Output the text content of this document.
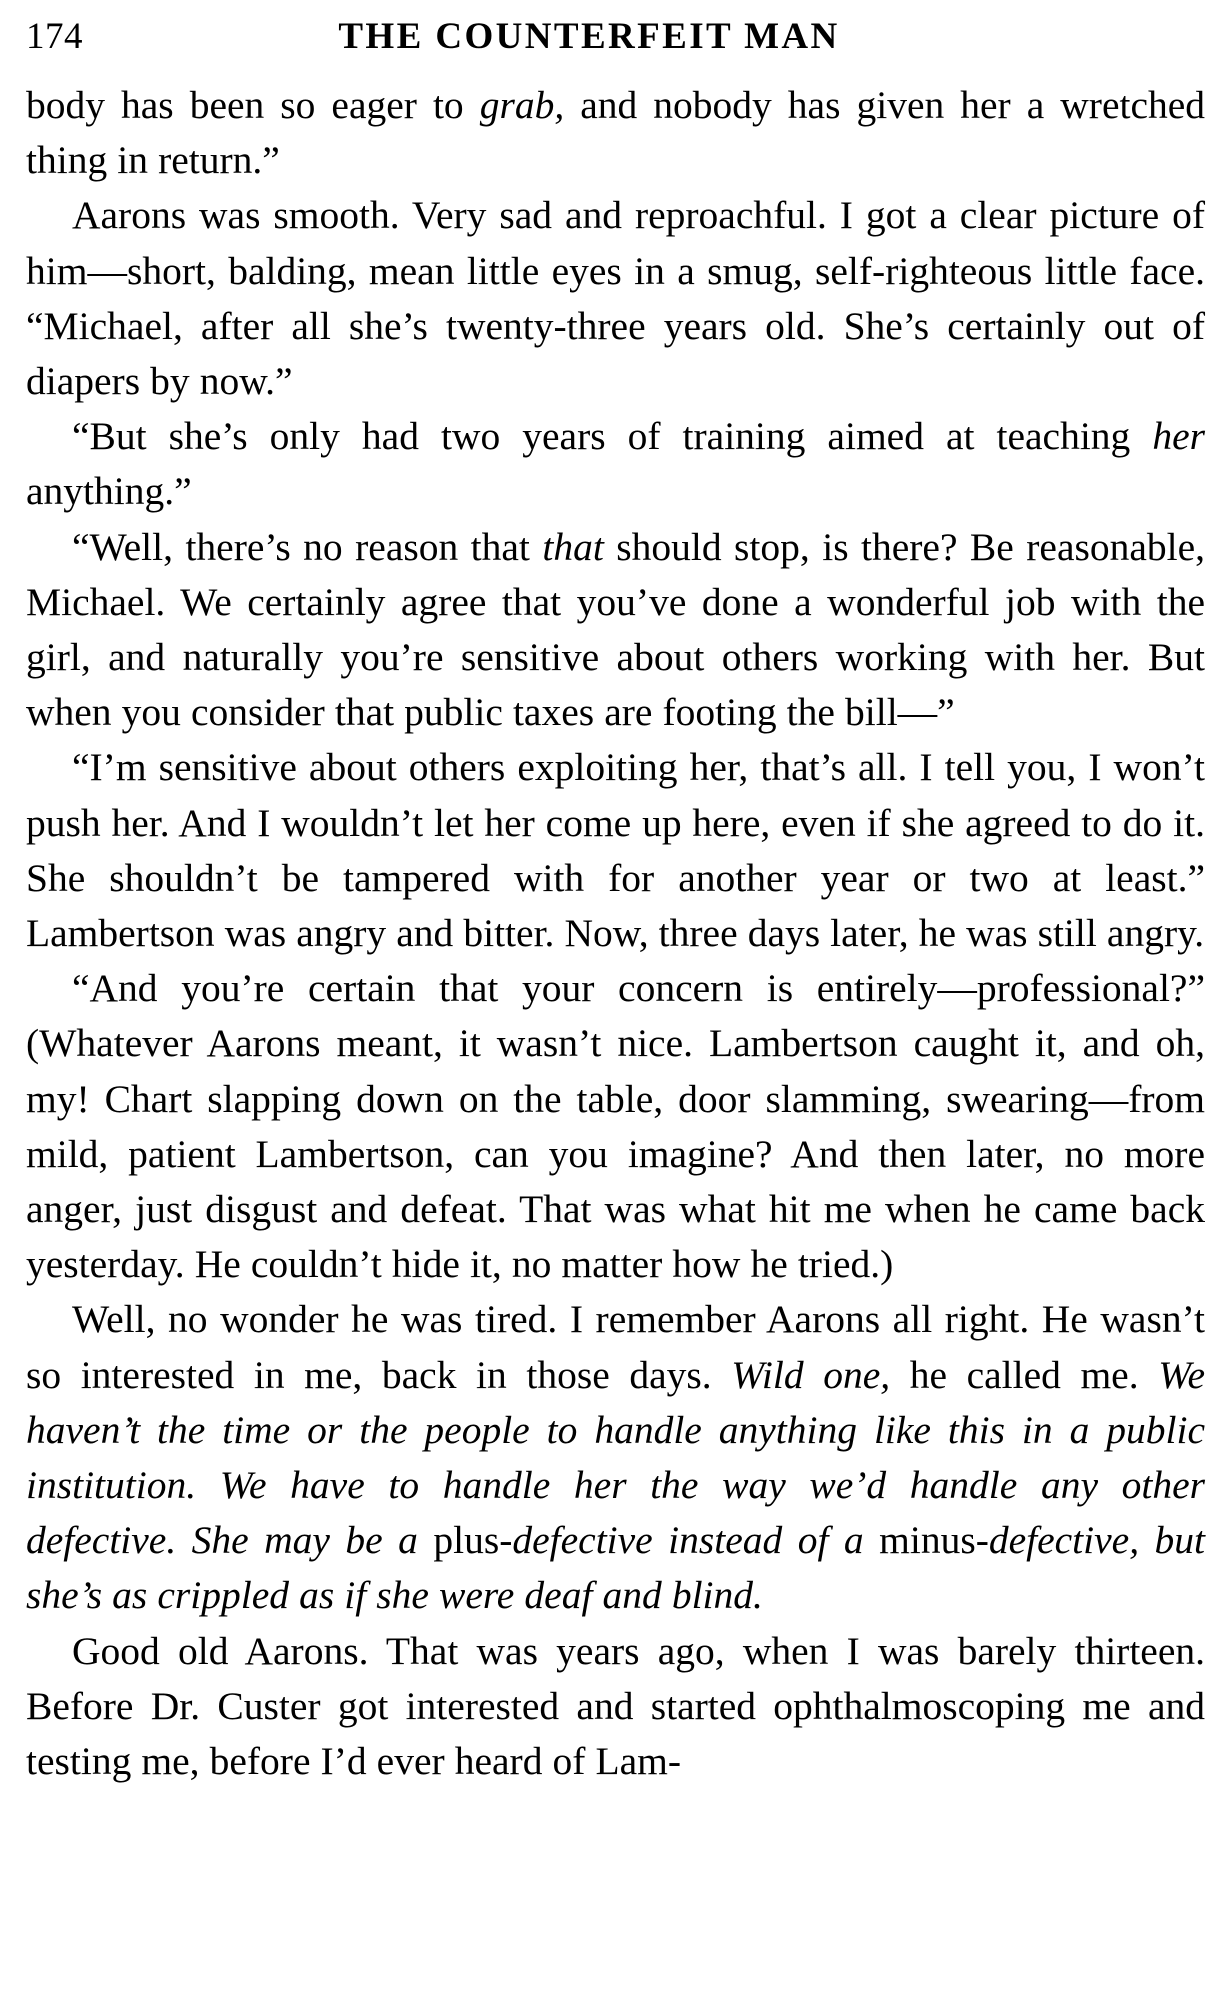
174	THE COUNTERFEIT MAN

body has been so eager to grab, and nobody has given her a wretched thing in return.”

Aarons was smooth. Very sad and reproachful. I got a clear picture of him—short, balding, mean little eyes in a smug, self-righteous little face. “Michael, after all she’s twenty-three years old. She’s certainly out of diapers by now.”

“But she’s only had two years of training aimed at teaching her anything.”

“Well, there’s no reason that that should stop, is there? Be reasonable, Michael. We certainly agree that you’ve done a wonderful job with the girl, and naturally you’re sensitive about others working with her. But when you consider that public taxes are footing the bill—”

“I’m sensitive about others exploiting her, that’s all. I tell you, I won’t push her. And I wouldn’t let her come up here, even if she agreed to do it. She shouldn’t be tampered with for another year or two at least.” Lambertson was angry and bitter. Now, three days later, he was still angry.

“And you’re certain that your concern is entirely—professional?” (Whatever Aarons meant, it wasn’t nice. Lambertson caught it, and oh, my! Chart slapping down on the table, door slamming, swearing—from mild, patient Lambertson, can you imagine? And then later, no more anger, just disgust and defeat. That was what hit me when he came back yesterday. He couldn’t hide it, no matter how he tried.)

Well, no wonder he was tired. I remember Aarons all right. He wasn’t so interested in me, back in those days. Wild one, he called me. We haven’t the time or the people to handle anything like this in a public institution. We have to handle her the way we’d handle any other defective. She may be a plus-defective instead of a minus-defective, but she’s as crippled as if she were deaf and blind.

Good old Aarons. That was years ago, when I was barely thirteen. Before Dr. Custer got interested and started ophthalmoscoping me and testing me, before I’d ever heard of Lam-
